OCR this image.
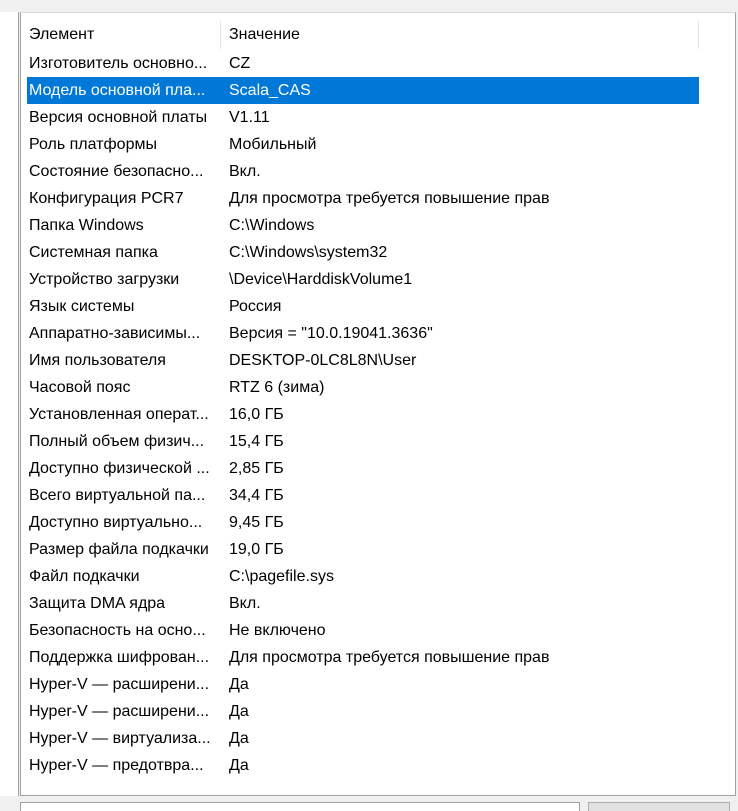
Элемент	Значение
Изготовитель основно...	CZ
Модель основной пла...	Scala_CAS
Версия основной платы	V1.11
Роль платформы	Мобильный
Состояние безопасно...	Вкл.
Конфигурация PCR7	Для просмотра требуется повышение прав
Папка Windows	C:\Windows
Системная папка	C:\Windows\system32
Устройство загрузки	\Device\HarddiskVolume1
Язык системы	Россия
Аппаратно-зависимы...	Версия = "10.0.19041.3636"
Имя пользователя	DESKTOP-0LC8L8N\User
Часовой пояс	RTZ 6 (зима)
Установленная операт...	16,0 ГБ
Полный объем физич...	15,4 ГБ
Доступно физической ...	2,85 ГБ
Всего виртуальной па...	34,4 ГБ
Доступно виртуально...	9,45 ГБ
Размер файла подкачки	19,0 ГБ
Файл подкачки	C:\pagefile.sys
Защита DMA ядра	Вкл.
Безопасность на осно...	Не включено
Поддержка шифрован...	Для просмотра требуется повышение прав
Hyper-V — расширени...	Да
Hyper-V — расширени...	Да
Hyper-V — виртуализа...	Да
Hyper-V — предотвра...	Да
